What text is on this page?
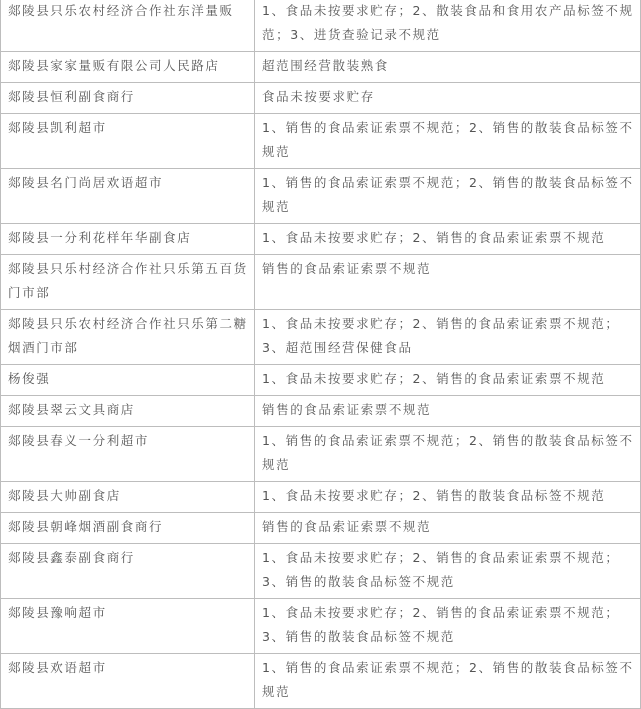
郯陵县只乐农村经济合作社东洋量贩	1、食品未按要求贮存；2、散装食品和食用农产品标签不规范；3、进货查验记录不规范
郯陵县家家量贩有限公司人民路店	超范围经营散装熟食
郯陵县恒利副食商行	食品未按要求贮存
郯陵县凯利超市	1、销售的食品索证索票不规范；2、销售的散装食品标签不规范
郯陵县名门尚居欢语超市	1、销售的食品索证索票不规范；2、销售的散装食品标签不规范
郯陵县一分利花样年华副食店	1、食品未按要求贮存；2、销售的食品索证索票不规范
郯陵县只乐村经济合作社只乐第五百货门市部	销售的食品索证索票不规范
郯陵县只乐农村经济合作社只乐第二糖烟酒门市部	1、食品未按要求贮存；2、销售的食品索证索票不规范；3、超范围经营保健食品
杨俊强	1、食品未按要求贮存；2、销售的食品索证索票不规范
郯陵县翠云文具商店	销售的食品索证索票不规范
郯陵县春义一分利超市	1、销售的食品索证索票不规范；2、销售的散装食品标签不规范
郯陵县大帅副食店	1、食品未按要求贮存；2、销售的散装食品标签不规范
郯陵县朝峰烟酒副食商行	销售的食品索证索票不规范
郯陵县鑫泰副食商行	1、食品未按要求贮存；2、销售的食品索证索票不规范；3、销售的散装食品标签不规范
郯陵县豫响超市	1、食品未按要求贮存；2、销售的食品索证索票不规范；3、销售的散装食品标签不规范
郯陵县欢语超市	1、销售的食品索证索票不规范；2、销售的散装食品标签不规范
